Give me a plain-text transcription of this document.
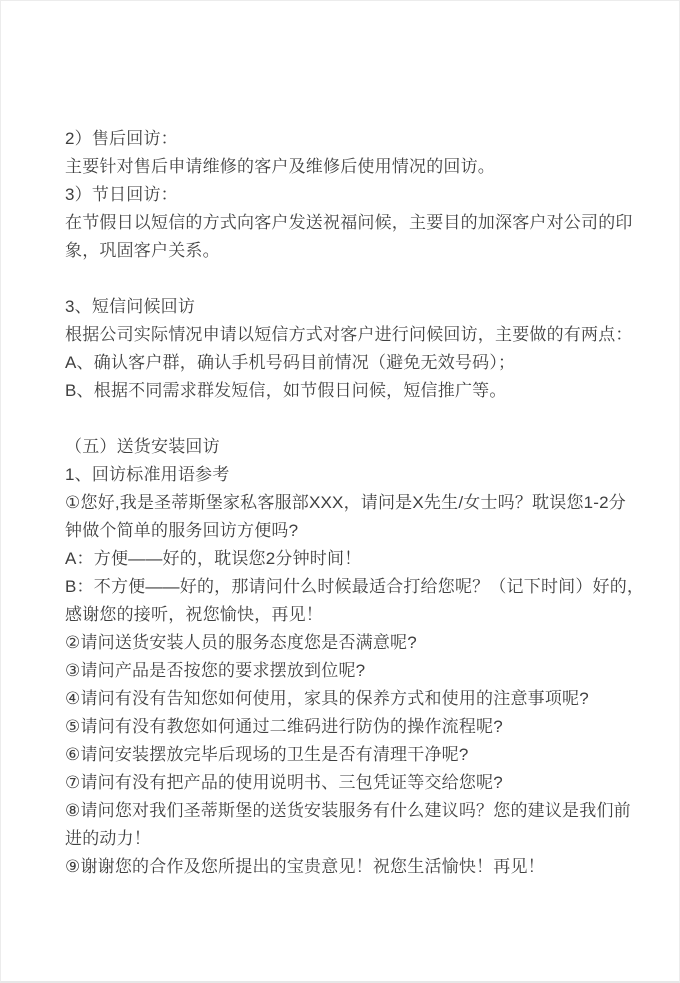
2）售后回访：
主要针对售后申请维修的客户及维修后使用情况的回访。
3）节日回访：
在节假日以短信的方式向客户发送祝福问候，主要目的加深客户对公司的印
象，巩固客户关系。
3、短信问候回访
根据公司实际情况申请以短信方式对客户进行问候回访，主要做的有两点：
A、确认客户群，确认手机号码目前情况（避免无效号码）；
B、根据不同需求群发短信，如节假日问候，短信推广等。
（五）送货安装回访
1、回访标准用语参考
①您好,我是圣蒂斯堡家私客服部XXX，请问是X先生/女士吗？耽误您1-2分
钟做个简单的服务回访方便吗?
A：方便——好的，耽误您2分钟时间！
B：不方便——好的，那请问什么时候最适合打给您呢？（记下时间）好的，
感谢您的接听，祝您愉快，再见！
②请问送货安装人员的服务态度您是否满意呢?
③请问产品是否按您的要求摆放到位呢?
④请问有没有告知您如何使用，家具的保养方式和使用的注意事项呢?
⑤请问有没有教您如何通过二维码进行防伪的操作流程呢?
⑥请问安装摆放完毕后现场的卫生是否有清理干净呢?
⑦请问有没有把产品的使用说明书、三包凭证等交给您呢?
⑧请问您对我们圣蒂斯堡的送货安装服务有什么建议吗？您的建议是我们前
进的动力！
⑨谢谢您的合作及您所提出的宝贵意见！祝您生活愉快！再见！
